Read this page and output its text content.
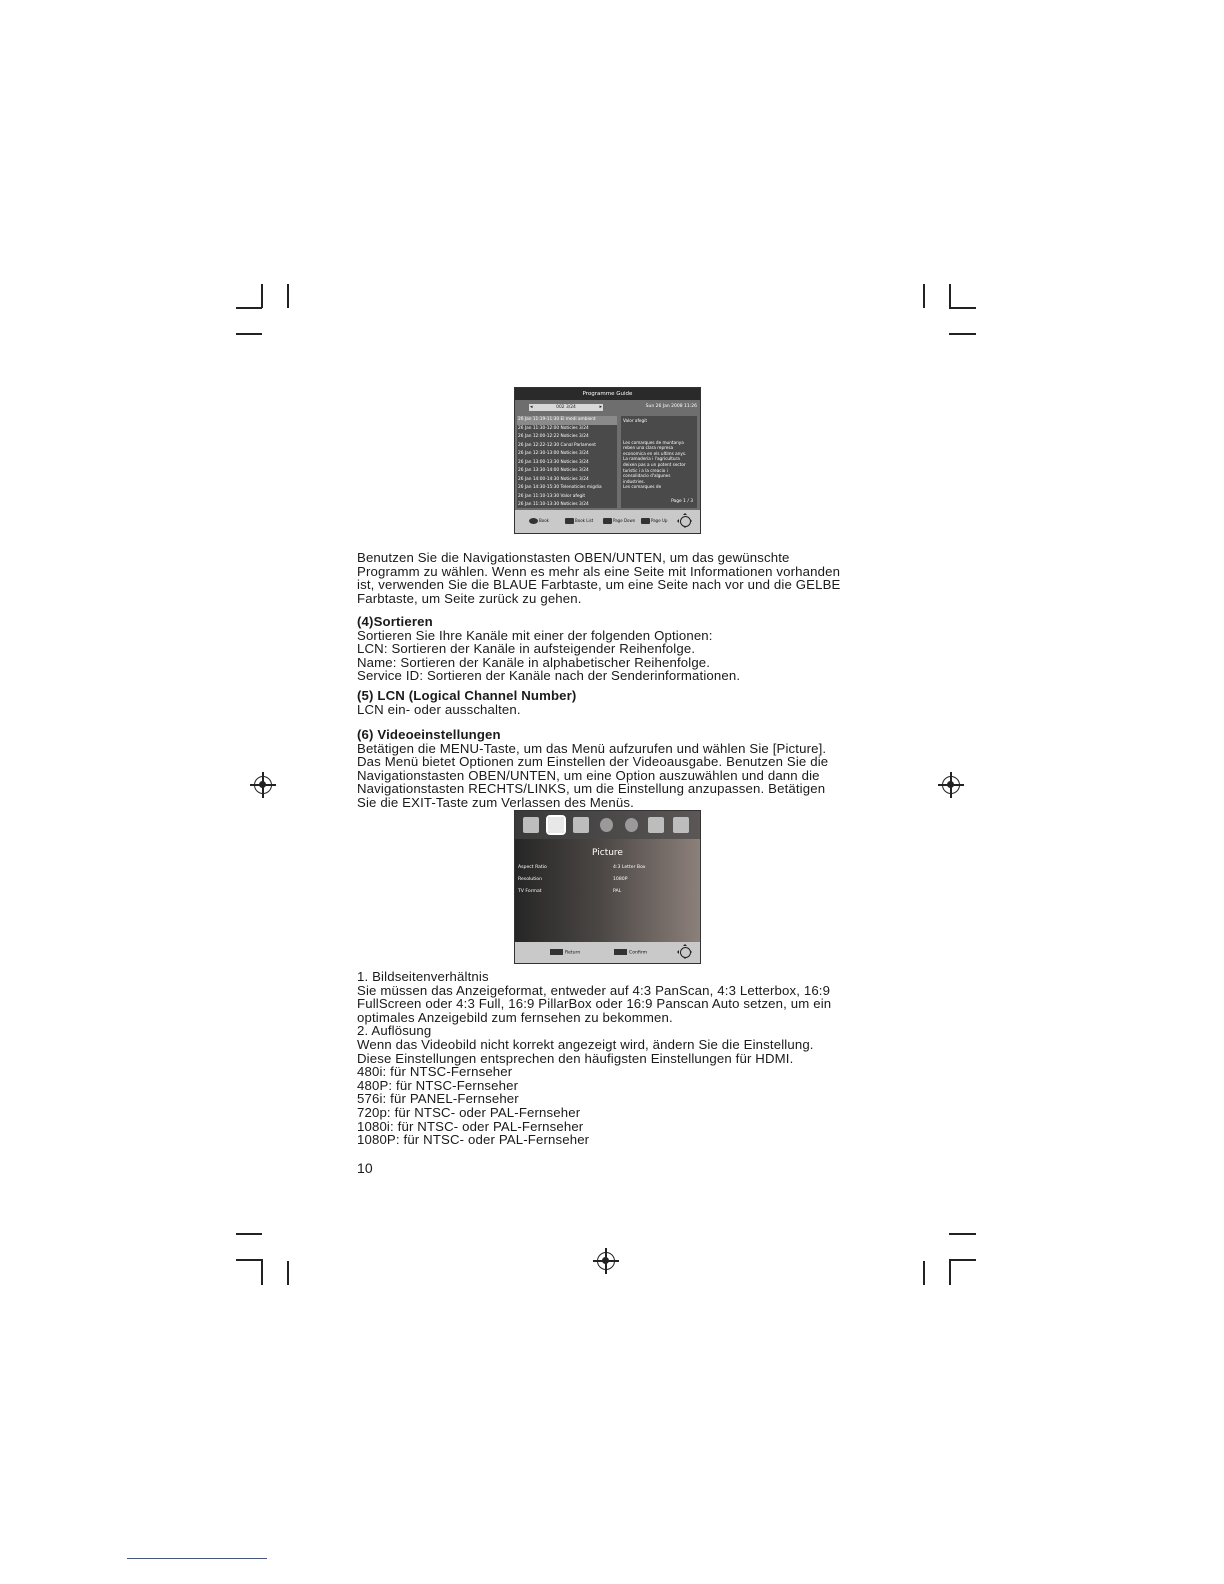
Programme Guide
◂	002 3/24	▸	Sun 26 Jan 2008 11:26
26 Jan 11:19-11:30 El medi ambient
26 Jan 11:30-12:00 Noticies 3/24
26 Jan 12:00-12:22 Noticies 3/24
26 Jan 12:22-12:30 Canal Parlament
26 Jan 12:30-13:00 Noticies 3/24
26 Jan 13:00-13:30 Noticies 3/24
26 Jan 13:30-14:00 Noticies 3/24
26 Jan 14:00-14:30 Noticies 3/24
26 Jan 14:30-15:30 Telenoticies migdia
26 Jan 11:10-13:30 Valor afegit
26 Jan 11:10-13:30 Noticies 3/24
Valor afegit
Les comarques de muntanya
reben una clara represa
economica en els ultims anys.
La ramaderia i l'agricultura
deixen pas a un potent sector
turistic i a la creacio i
consolidacio d'algunes
industries.
Les comarques de
Page 1 / 3
Book	Book List	Page Down	Page Up

Benutzen Sie die Navigationstasten OBEN/UNTEN, um das gewünschte

Programm zu wählen. Wenn es mehr als eine Seite mit Informationen vorhanden

ist, verwenden Sie die BLAUE Farbtaste, um eine Seite nach vor und die GELBE

Farbtaste, um Seite zurück zu gehen.

(4)Sortieren

Sortieren Sie Ihre Kanäle mit einer der folgenden Optionen:

LCN: Sortieren der Kanäle in aufsteigender Reihenfolge.

Name: Sortieren der Kanäle in alphabetischer Reihenfolge.

Service ID: Sortieren der Kanäle nach der Senderinformationen.

(5) LCN (Logical Channel Number)

LCN ein- oder ausschalten.

(6) Videoeinstellungen

Betätigen die MENU-Taste, um das Menü aufzurufen und wählen Sie [Picture].

Das Menü bietet Optionen zum Einstellen der Videoausgabe. Benutzen Sie die

Navigationstasten OBEN/UNTEN, um eine Option auszuwählen und dann die

Navigationstasten RECHTS/LINKS, um die Einstellung anzupassen. Betätigen

Sie die EXIT-Taste zum Verlassen des Menüs.

Picture
Aspect Ratio	4:3 Letter Box
Resolution	1080P
TV Format	PAL
Return	Confirm

1. Bildseitenverhältnis

Sie müssen das Anzeigeformat, entweder auf 4:3 PanScan, 4:3 Letterbox, 16:9

FullScreen oder 4:3 Full, 16:9 PillarBox oder 16:9 Panscan Auto setzen, um ein

optimales Anzeigebild zum fernsehen zu bekommen.

2. Auflösung

Wenn das Videobild nicht korrekt angezeigt wird, ändern Sie die Einstellung.

Diese Einstellungen entsprechen den häufigsten Einstellungen für HDMI.

480i: für NTSC-Fernseher

480P: für NTSC-Fernseher

576i: für PANEL-Fernseher

720p: für NTSC- oder PAL-Fernseher

1080i: für NTSC- oder PAL-Fernseher

1080P: für NTSC- oder PAL-Fernseher

10
